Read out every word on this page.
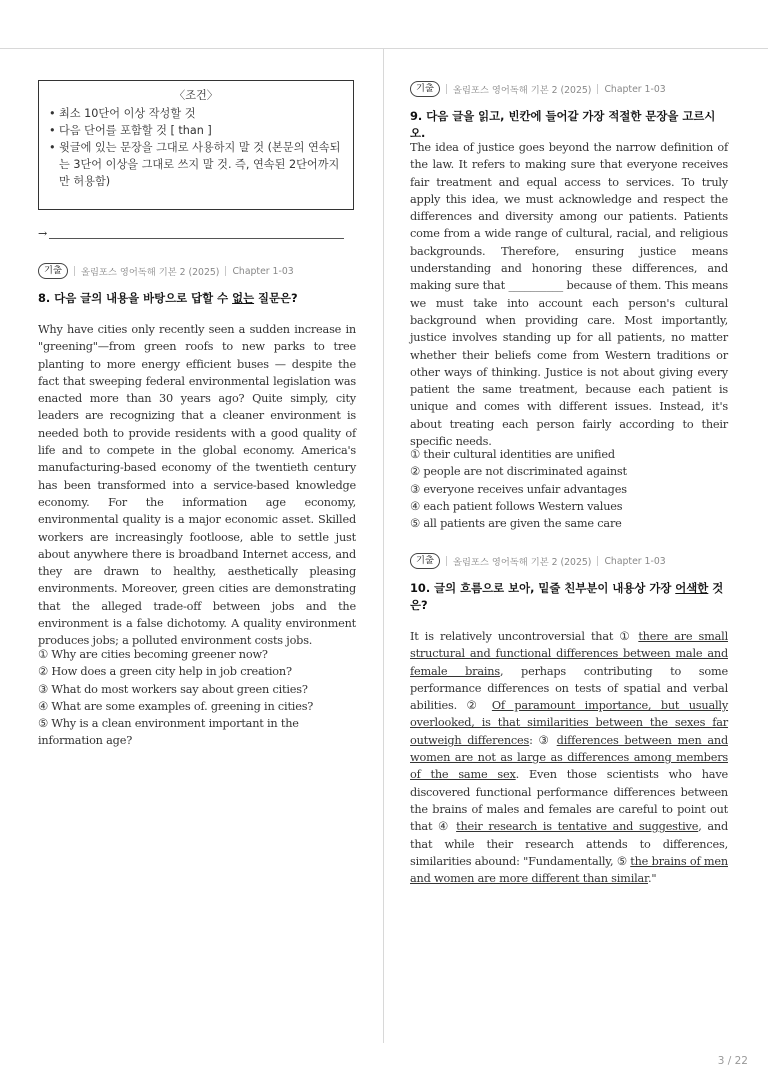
〈조건〉
• 최소 10단어 이상 작성할 것
• 다음 단어를 포함할 것 [ than ]
• 윗글에 있는 문장을 그대로 사용하지 말 것 (본문의 연속되는 3단어 이상을 그대로 쓰지 말 것. 즉, 연속된 2단어까지만 허용함)
→
기출	올림포스 영어독해 기본 2 (2025) Chapter 1-03
8. 다음 글의 내용을 바탕으로 답할 수 없는 질문은?

Why have cities only recently seen a sudden increase in "greening"—from green roofs to new parks to tree planting to more energy efficient buses — despite the fact that sweeping federal environmental legislation was enacted more than 30 years ago? Quite simply, city leaders are recognizing that a cleaner environment is needed both to provide residents with a good quality of life and to compete in the global economy. America's manufacturing-based economy of the twentieth century has been transformed into a service-based knowledge economy. For the information age economy, environmental quality is a major economic asset. Skilled workers are increasingly footloose, able to settle just about anywhere there is broadband Internet access, and they are drawn to healthy, aesthetically pleasing environments. Moreover, green cities are demonstrating that the alleged trade-off between jobs and the environment is a false dichotomy. A quality environment produces jobs; a polluted environment costs jobs.

① Why are cities becoming greener now?
② How does a green city help in job creation?
③ What do most workers say about green cities?
④ What are some examples of. greening in cities?
⑤ Why is a clean environment important in the information age?
기출	올림포스 영어독해 기본 2 (2025) Chapter 1-03
9. 다음 글을 읽고, 빈칸에 들어갈 가장 적절한 문장을 고르시오.

The idea of justice goes beyond the narrow definition of the law. It refers to making sure that everyone receives fair treatment and equal access to services. To truly apply this idea, we must acknowledge and respect the differences and diversity among our patients. Patients come from a wide range of cultural, racial, and religious backgrounds. Therefore, ensuring justice means understanding and honoring these differences, and making sure that __________ because of them. This means we must take into account each person's cultural background when providing care. Most importantly, justice involves standing up for all patients, no matter whether their beliefs come from Western traditions or other ways of thinking. Justice is not about giving every patient the same treatment, because each patient is unique and comes with different issues. Instead, it's about treating each person fairly according to their specific needs.

① their cultural identities are unified
② people are not discriminated against
③ everyone receives unfair advantages
④ each patient follows Western values
⑤ all patients are given the same care
기출	올림포스 영어독해 기본 2 (2025) Chapter 1-03
10. 글의 흐름으로 보아, 밑줄 친부분이 내용상 가장 어색한 것은?

It is relatively uncontroversial that ① there are small structural and functional differences between male and female brains, perhaps contributing to some performance differences on tests of spatial and verbal abilities. ② Of paramount importance, but usually overlooked, is that similarities between the sexes far outweigh differences: ③ differences between men and women are not as large as differences among members of the same sex. Even those scientists who have discovered functional performance differences between the brains of males and females are careful to point out that ④ their research is tentative and suggestive, and that while their research attends to differences, similarities abound: "Fundamentally, ⑤ the brains of men and women are more different than similar."

3 / 22
